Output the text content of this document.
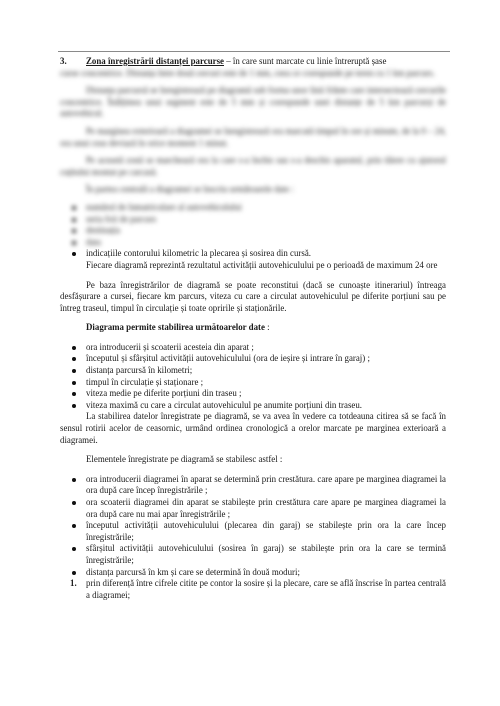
3. Zona înregistrării distanței parcurse – în care sunt marcate cu linie întreruptă șase

curse concentrice. Distanța între două cercuri este de 1 mm, ceea ce corespunde pe teren cu 1 km parcurs.

Distanța parcursă se înregistrează pe diagramă sub forma unor linii frânte care intersectează cercurile concentrice. Înălțimea unui segment este de 5 mm și corespunde unei distanțe de 5 km parcurși de autovehicul.

Pe marginea exterioară a diagramei se înregistrează ora marcată timpul în ore și minute, de la 0 – 24, ora unui ceas deviază în orice moment 1 minut.

Pe această zonă se marchează ora la care s-a închis sau s-a deschis aparatul, prin tăiere cu ajutorul cuțitului montat pe carcasă.

În partea centrală a diagramei se înscriu următoarele date :

numărul de înmatriculare al autovehiculului
seria foii de parcurs
destinația
data
indicațiile contorului kilometric la plecarea și sosirea din cursă.

Fiecare diagramă reprezintă rezultatul activității autovehiculului pe o perioadă de maximum 24 ore

Pe baza înregistrărilor de diagramă se poate reconstitui (dacă se cunoaște itinerariul) întreaga desfășurare a cursei, fiecare km parcurs, viteza cu care a circulat autovehiculul pe diferite porțiuni sau pe întreg traseul, timpul în circulație și toate opririle și staționările.

Diagrama permite stabilirea următoarelor date :

ora introducerii și scoaterii acesteia din aparat ;
începutul și sfârșitul activității autovehiculului (ora de ieșire și intrare în garaj) ;
distanța parcursă în kilometri;
timpul în circulație și staționare ;
viteza medie pe diferite porțiuni din traseu ;
viteza maximă cu care a circulat autovehiculul pe anumite porțiuni din traseu.

La stabilirea datelor înregistrate pe diagramă, se va avea în vedere ca totdeauna citirea să se facă în sensul rotirii acelor de ceasornic, urmând ordinea cronologică a orelor marcate pe marginea exterioară a diagramei.

Elementele înregistrate pe diagramă se stabilesc astfel :

ora introducerii diagramei în aparat se determină prin crestătura. care apare pe marginea diagramei la ora după care încep înregistrările ;
ora scoaterii diagramei din aparat se stabilește prin crestătura care apare pe marginea diagramei la ora după care nu mai apar înregistrările ;
începutul activității autovehiculului (plecarea din garaj) se stabilește prin ora la care încep înregistrările;
sfârșitul activității autovehiculului (sosirea în garaj) se stabilește prin ora la care se termină înregistrările;
distanța parcursă în km și care se determină în două moduri;
1. prin diferență între cifrele citite pe contor la sosire și la plecare, care se află înscrise în partea centrală a diagramei;
